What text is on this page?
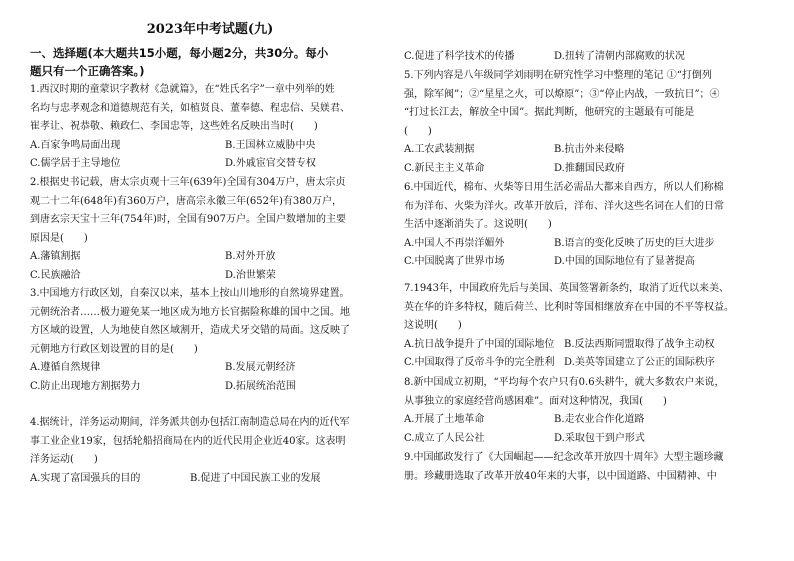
2023年中考试题(九)
一、选择题(本大题共15小题，每小题2分，共30分。每小
题只有一个正确答案。)
1.西汉时期的童蒙识字教材《急就篇》，在“姓氏名字”一章中列举的姓
名均与忠孝观念和道德规范有关，如植贤良、董奉德、程忠信、吴媄君、
崔孝让、祝恭敬、赖政仁、李国忠等，这些姓名反映出当时(　　)
A.百家争鸣局面出现	B.王国林立威胁中央
C.儒学居于主导地位	D.外戚宦官交替专权
2.根据史书记载，唐太宗贞观十三年(639年)全国有304万户，唐太宗贞
观二十二年(648年)有360万户，唐高宗永徽三年(652年)有380万户，
到唐玄宗天宝十三年(754年)时，全国有907万户。全国户数增加的主要
原因是(　　)
A.藩镇割据	B.对外开放
C.民族融洽	D.治世繁荣
3.中国地方行政区划，自秦汉以来，基本上按山川地形的自然境界建置。
元朝统治者……极力避免某一地区成为地方长官据险称雄的国中之国。地
方区域的设置，人为地使自然区域割开，造成犬牙交错的局面。这反映了
元朝地方行政区划设置的目的是(　　)
A.遵循自然规律	B.发展元朝经济
C.防止出现地方割据势力	D.拓展统治范围
4.据统计，洋务运动期间，洋务派共创办包括江南制造总局在内的近代军
事工业企业19家，包括轮船招商局在内的近代民用企业近40家。这表明
洋务运动(　　)
A.实现了富国强兵的目的	B.促进了中国民族工业的发展
C.促进了科学技术的传播	D.扭转了清朝内部腐败的状况
5.下列内容是八年级同学刘雨明在研究性学习中整理的笔记 ①“打倒列
强，除军阀”；②“星星之火，可以燎原”；③“停止内战，一致抗日”；④
“打过长江去，解放全中国”。据此判断，他研究的主题最有可能是
(　　)
A.工农武装割据	B.抗击外来侵略
C.新民主主义革命	D.推翻国民政府
6.中国近代，棉布、火柴等日用生活必需品大都来自西方，所以人们称棉
布为洋布、火柴为洋火。改革开放后，洋布、洋火这些名词在人们的日常
生活中逐渐消失了。这说明(　　)
A.中国人不再崇洋媚外	B.语言的变化反映了历史的巨大进步
C.中国脱离了世界市场	D.中国的国际地位有了显著提高
7.1943年，中国政府先后与美国、英国签署新条约，取消了近代以来美、
英在华的许多特权，随后荷兰、比利时等国相继放弃在中国的不平等权益。
这说明(　　)
A.抗日战争提升了中国的国际地位 B.反法西斯同盟取得了战争主动权
C.中国取得了反帝斗争的完全胜利 D.美英等国建立了公正的国际秩序
8.新中国成立初期，“平均每个农户只有0.6头耕牛，就大多数农户来说，
从事独立的家庭经营尚感困难”。面对这种情况，我国(　　)
A.开展了土地革命	B.走农业合作化道路
C.成立了人民公社	D.采取包干到户形式
9.中国邮政发行了《大国崛起——纪念改革开放四十周年》大型主题珍藏
册。珍藏册选取了改革开放40年来的大事，以中国道路、中国精神、中
